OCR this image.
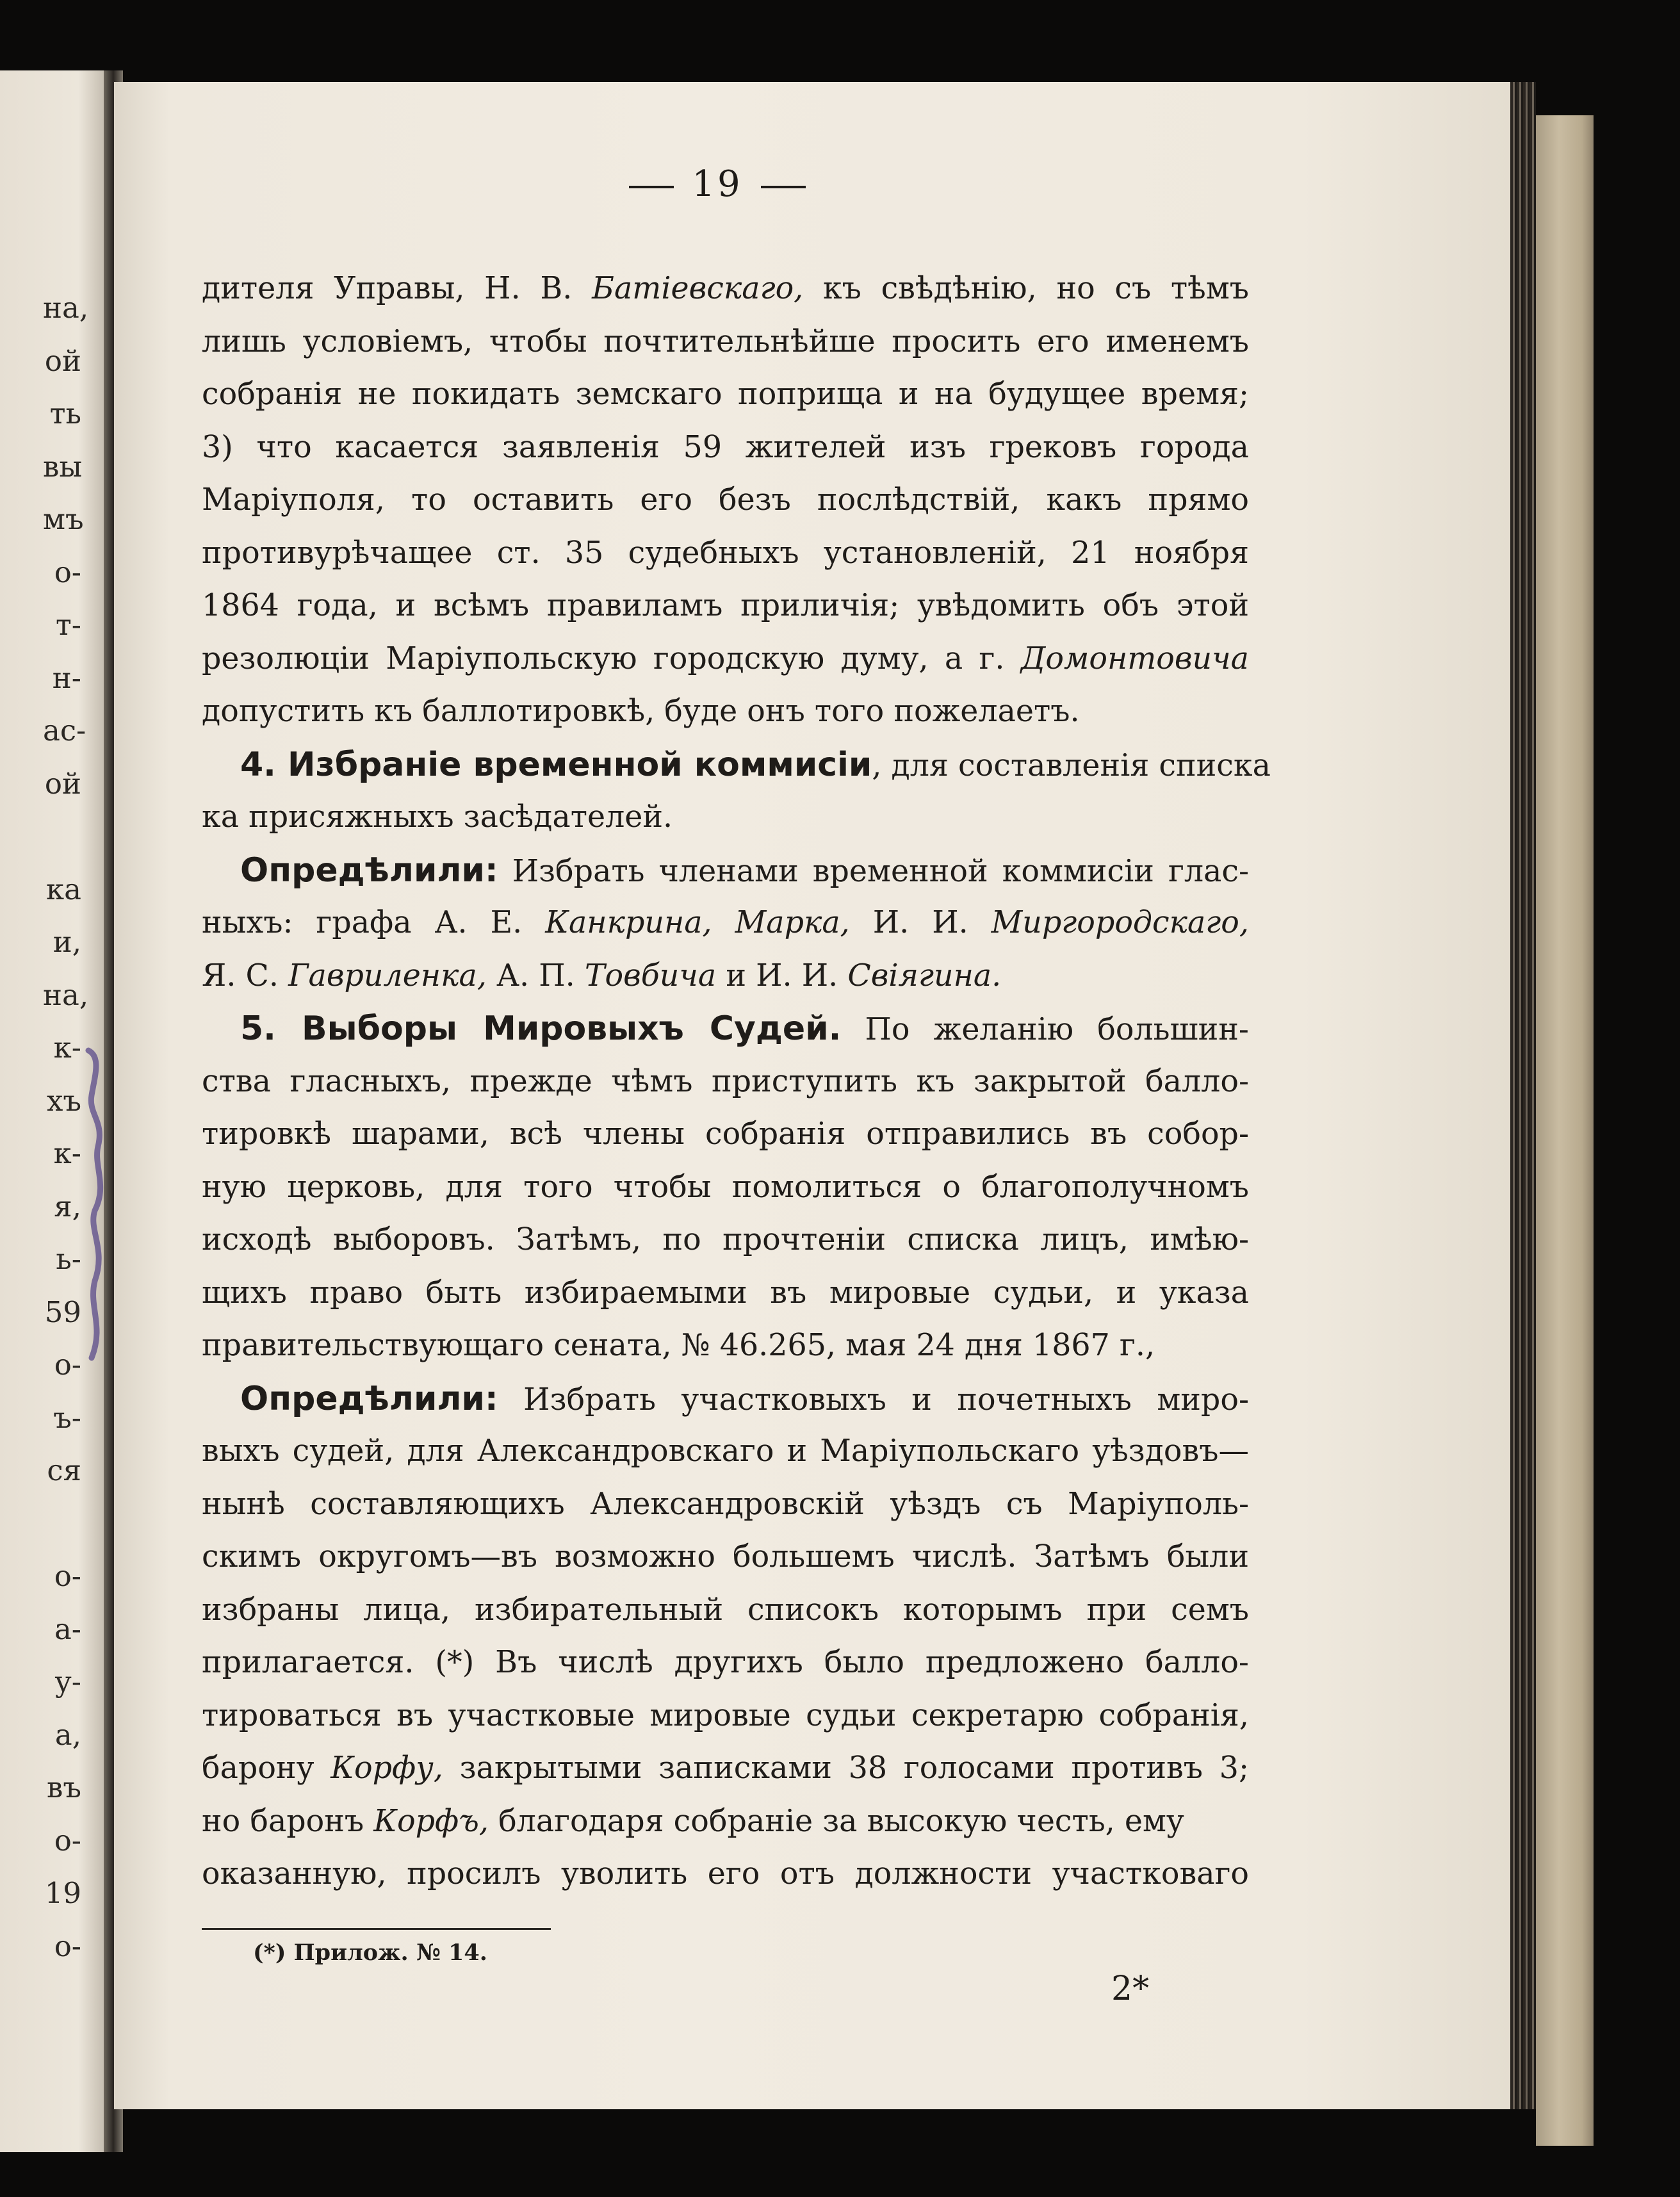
на,
ой
ть
вы
мъ
о-
т-
н-
ас-
ой
ка
и,
на,
к-
хъ
к-
я,
ь-
59
о-
ъ-
ся
о-
а-
у-
а,
въ
о-
19
о-
19
дителя Управы, Н. В. Батіевскаго, къ свѣдѣнію, но съ тѣмъ
лишь условіемъ, чтобы почтительнѣйше просить его именемъ
собранія не покидать земскаго поприща и на будущее время;
3) что касается заявленія 59 жителей изъ грековъ города
Маріуполя, то оставить его безъ послѣдствій, какъ прямо
противурѣчащее ст. 35 судебныхъ установленій, 21 ноября
1864 года, и всѣмъ правиламъ приличія; увѣдомить объ этой
резолюціи Маріупольскую городскую думу, а г. Домонтовича
допустить къ баллотировкѣ, буде онъ того пожелаетъ.
4. Избраніе временной коммисіи, для составленія списка
ка присяжныхъ засѣдателей.
Опредѣлили: Избрать членами временной коммисіи глас-
ныхъ: графа А. Е. Канкрина, Марка, И. И. Миргородскаго,
Я. С. Гавриленка, А. П. Товбича и И. И. Свiягина.
5. Выборы Мировыхъ Судей. По желанію большин-
ства гласныхъ, прежде чѣмъ приступить къ закрытой балло-
тировкѣ шарами, всѣ члены собранія отправились въ собор-
ную церковь, для того чтобы помолиться о благополучномъ
исходѣ выборовъ. Затѣмъ, по прочтеніи списка лицъ, имѣю-
щихъ право быть избираемыми въ мировые судьи, и указа
правительствующаго сената, № 46.265, мая 24 дня 1867 г.,
Опредѣлили: Избрать участковыхъ и почетныхъ миро-
выхъ судей, для Александровскаго и Маріупольскаго уѣздовъ—
нынѣ составляющихъ Александровскій уѣздъ съ Маріуполь-
скимъ округомъ—въ возможно большемъ числѣ. Затѣмъ были
избраны лица, избирательный списокъ которымъ при семъ
прилагается. (*) Въ числѣ другихъ было предложено балло-
тироваться въ участковые мировые судьи секретарю собранія,
барону Корфу, закрытыми записками 38 голосами противъ 3;
но баронъ Корфъ, благодаря собраніе за высокую честь, ему
оказанную, просилъ уволить его отъ должности участковаго
(*) Прилож. № 14.
2*
